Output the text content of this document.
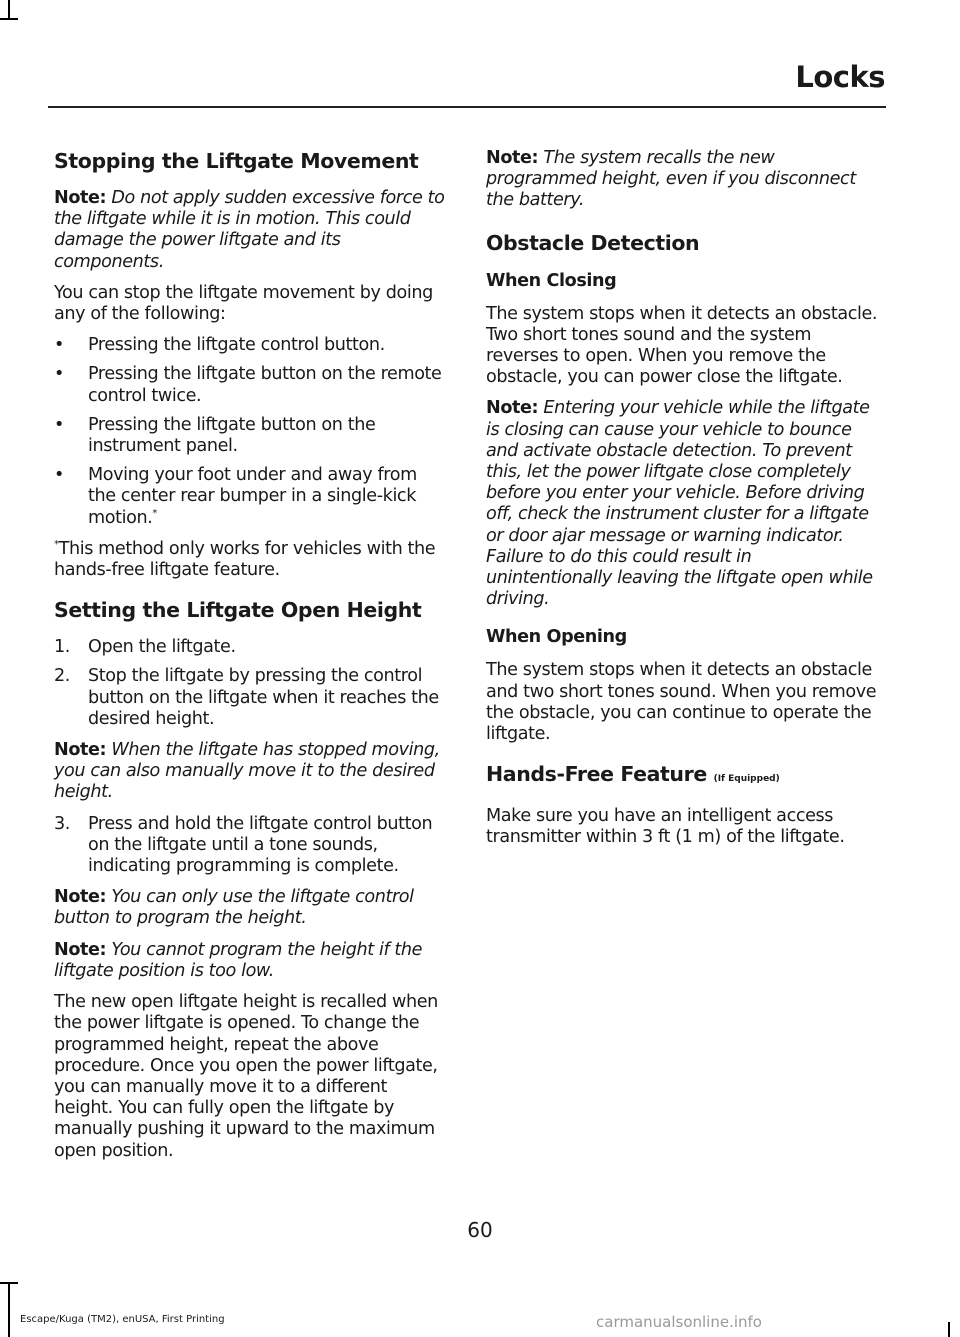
Locks
Stopping the Liftgate Movement

Note: Do not apply sudden excessive force to the liftgate while it is in motion. This could damage the power liftgate and its components.

You can stop the liftgate movement by doing any of the following:

• Pressing the liftgate control button.
• Pressing the liftgate button on the remote control twice.
• Pressing the liftgate button on the instrument panel.
• Moving your foot under and away from the center rear bumper in a single-kick motion.*

*This method only works for vehicles with the hands-free liftgate feature.

Setting the Liftgate Open Height
1. Open the liftgate.
2. Stop the liftgate by pressing the control button on the liftgate when it reaches the desired height.

Note: When the liftgate has stopped moving, you can also manually move it to the desired height.

3. Press and hold the liftgate control button on the liftgate until a tone sounds, indicating programming is complete.

Note: You can only use the liftgate control button to program the height.

Note: You cannot program the height if the liftgate position is too low.

The new open liftgate height is recalled when the power liftgate is opened. To change the programmed height, repeat the above procedure. Once you open the power liftgate, you can manually move it to a different height. You can fully open the liftgate by manually pushing it upward to the maximum open position.

Note: The system recalls the new programmed height, even if you disconnect the battery.

Obstacle Detection
When Closing

The system stops when it detects an obstacle. Two short tones sound and the system reverses to open. When you remove the obstacle, you can power close the liftgate.

Note: Entering your vehicle while the liftgate is closing can cause your vehicle to bounce and activate obstacle detection. To prevent this, let the power liftgate close completely before you enter your vehicle. Before driving off, check the instrument cluster for a liftgate or door ajar message or warning indicator. Failure to do this could result in unintentionally leaving the liftgate open while driving.

When Opening

The system stops when it detects an obstacle and two short tones sound. When you remove the obstacle, you can continue to operate the liftgate.

Hands-Free Feature (If Equipped)

Make sure you have an intelligent access transmitter within 3 ft (1 m) of the liftgate.

60
Escape/Kuga (TM2), enUSA, First Printing	carmanualsonline.info
